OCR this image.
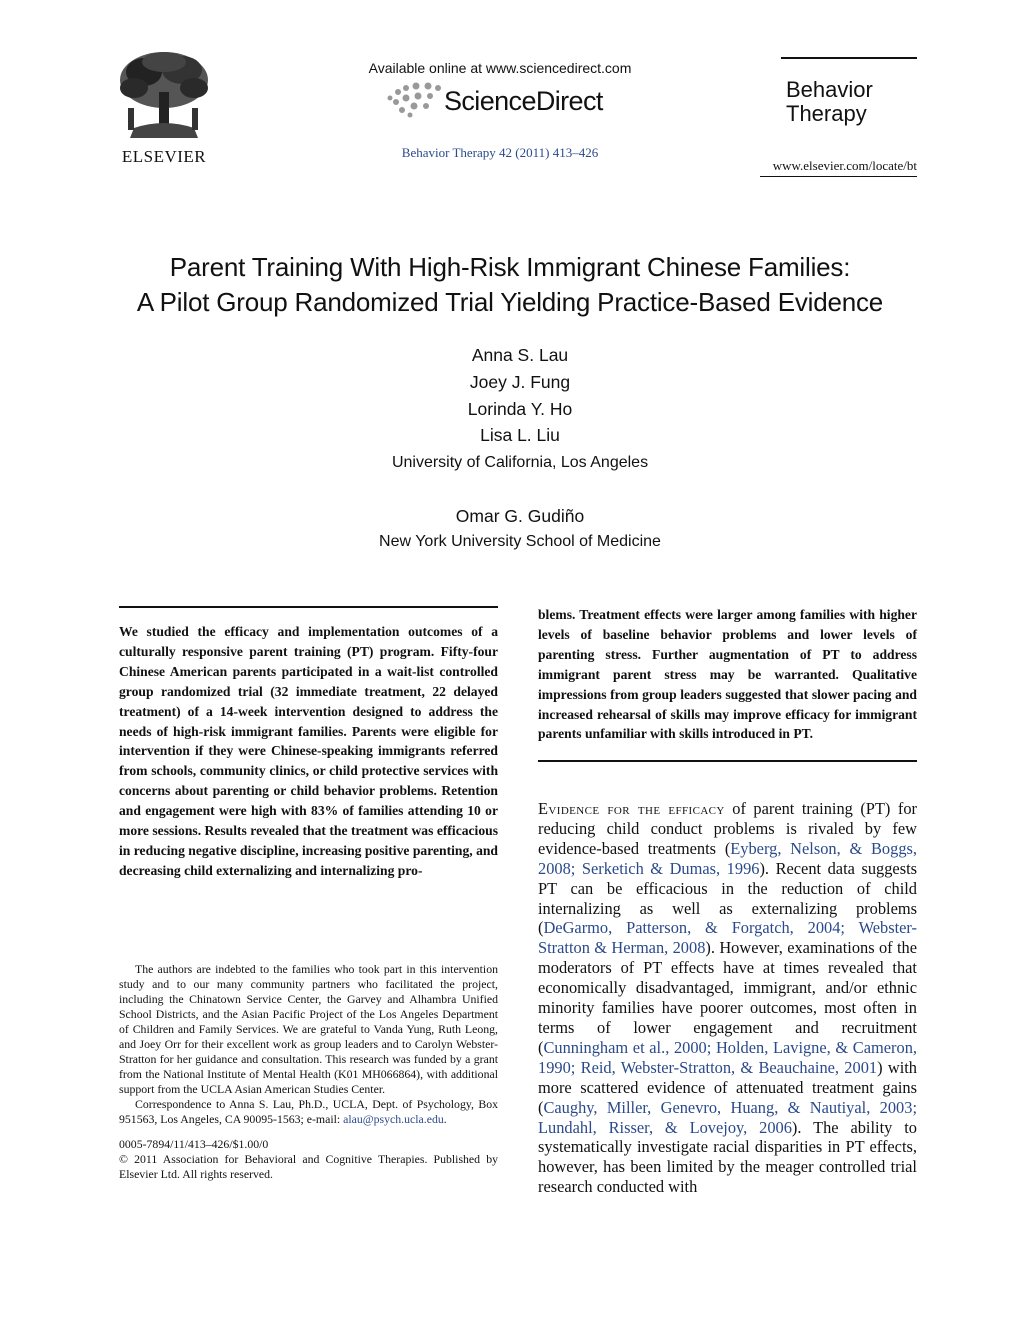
ELSEVIER
Available online at www.sciencedirect.com
ScienceDirect
Behavior Therapy 42 (2011) 413–426
Behavior
Therapy
www.elsevier.com/locate/bt
Parent Training With High-Risk Immigrant Chinese Families:
A Pilot Group Randomized Trial Yielding Practice-Based Evidence
Anna S. Lau
Joey J. Fung
Lorinda Y. Ho
Lisa L. Liu
University of California, Los Angeles
Omar G. Gudiño
New York University School of Medicine

We studied the efficacy and implementation outcomes of a culturally responsive parent training (PT) program. Fifty-four Chinese American parents participated in a wait-list controlled group randomized trial (32 immediate treatment, 22 delayed treatment) of a 14-week intervention designed to address the needs of high-risk immigrant families. Parents were eligible for intervention if they were Chinese-speaking immigrants referred from schools, community clinics, or child protective services with concerns about parenting or child behavior problems. Retention and engagement were high with 83% of families attending 10 or more sessions. Results revealed that the treatment was efficacious in reducing negative discipline, increasing positive parenting, and decreasing child externalizing and internalizing pro-

blems. Treatment effects were larger among families with higher levels of baseline behavior problems and lower levels of parenting stress. Further augmentation of PT to address immigrant parent stress may be warranted. Qualitative impressions from group leaders suggested that slower pacing and increased rehearsal of skills may improve efficacy for immigrant parents unfamiliar with skills introduced in PT.

The authors are indebted to the families who took part in this intervention study and to our many community partners who facilitated the project, including the Chinatown Service Center, the Garvey and Alhambra Unified School Districts, and the Asian Pacific Project of the Los Angeles Department of Children and Family Services. We are grateful to Vanda Yung, Ruth Leong, and Joey Orr for their excellent work as group leaders and to Carolyn Webster-Stratton for her guidance and consultation. This research was funded by a grant from the National Institute of Mental Health (K01 MH066864), with additional support from the UCLA Asian American Studies Center.

Correspondence to Anna S. Lau, Ph.D., UCLA, Dept. of Psychology, Box 951563, Los Angeles, CA 90095-1563; e-mail: alau@psych.ucla.edu.

0005-7894/11/413–426/$1.00/0

© 2011 Association for Behavioral and Cognitive Therapies. Published by Elsevier Ltd. All rights reserved.

Evidence for the efficacy of parent training (PT) for reducing child conduct problems is rivaled by few evidence-based treatments (Eyberg, Nelson, & Boggs, 2008; Serketich & Dumas, 1996). Recent data suggests PT can be efficacious in the reduction of child internalizing as well as externalizing problems (DeGarmo, Patterson, & Forgatch, 2004; Webster-Stratton & Herman, 2008). However, examinations of the moderators of PT effects have at times revealed that economically disadvantaged, immigrant, and/or ethnic minority families have poorer outcomes, most often in terms of lower engagement and recruitment (Cunningham et al., 2000; Holden, Lavigne, & Cameron, 1990; Reid, Webster-Stratton, & Beauchaine, 2001) with more scattered evidence of attenuated treatment gains (Caughy, Miller, Genevro, Huang, & Nautiyal, 2003; Lundahl, Risser, & Lovejoy, 2006). The ability to systematically investigate racial disparities in PT effects, however, has been limited by the meager controlled trial research conducted with
